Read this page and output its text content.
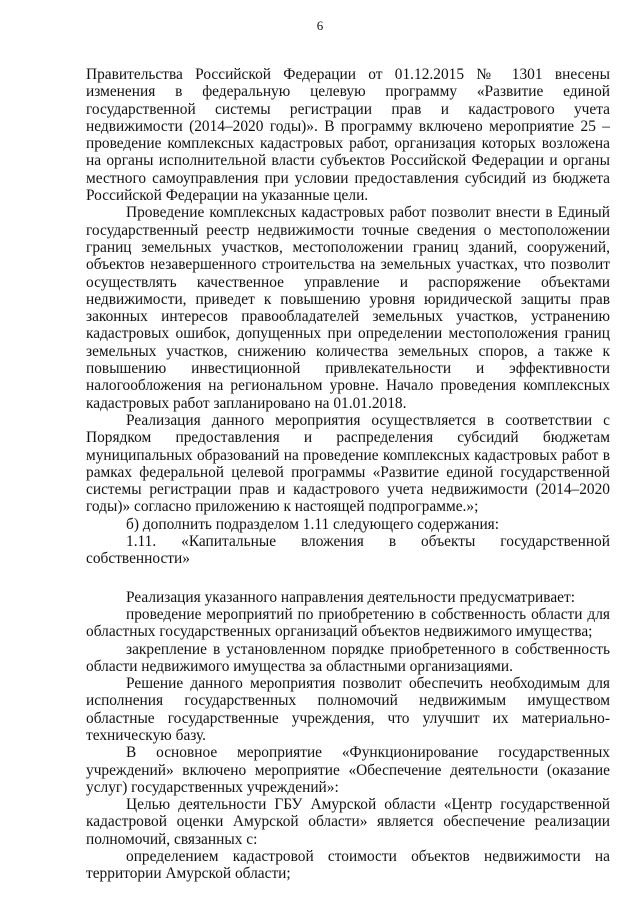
6

Правительства Российской Федерации от 01.12.2015 № 1301 внесены изменения в федеральную целевую программу «Развитие единой государственной системы регистрации прав и кадастрового учета недвижимости (2014–2020 годы)». В программу включено мероприятие 25 – проведение комплексных кадастровых работ, организация которых возложена на органы исполнительной власти субъектов Российской Федерации и органы местного самоуправления при условии предоставления субсидий из бюджета Российской Федерации на указанные цели.

Проведение комплексных кадастровых работ позволит внести в Единый государственный реестр недвижимости точные сведения о местоположении границ земельных участков, местоположении границ зданий, сооружений, объектов незавершенного строительства на земельных участках, что позволит осуществлять качественное управление и распоряжение объектами недвижимости, приведет к повышению уровня юридической защиты прав законных интересов правообладателей земельных участков, устранению кадастровых ошибок, допущенных при определении местоположения границ земельных участков, снижению количества земельных споров, а также к повышению инвестиционной привлекательности и эффективности налогообложения на региональном уровне. Начало проведения комплексных кадастровых работ запланировано на 01.01.2018.

Реализация данного мероприятия осуществляется в соответствии с Порядком предоставления и распределения субсидий бюджетам муниципальных образований на проведение комплексных кадастровых работ в рамках федеральной целевой программы «Развитие единой государственной системы регистрации прав и кадастрового учета недвижимости (2014–2020 годы)» согласно приложению к настоящей подпрограмме.»;

б) дополнить подразделом 1.11 следующего содержания:

1.11. «Капитальные вложения в объекты государственной собственности»

Реализация указанного направления деятельности предусматривает:

проведение мероприятий по приобретению в собственность области для областных государственных организаций объектов недвижимого имущества;

закрепление в установленном порядке приобретенного в собственность области недвижимого имущества за областными организациями.

Решение данного мероприятия позволит обеспечить необходимым для исполнения государственных полномочий недвижимым имуществом областные государственные учреждения, что улучшит их материально-техническую базу.

В основное мероприятие «Функционирование государственных учреждений» включено мероприятие «Обеспечение деятельности (оказание услуг) государственных учреждений»:

Целью деятельности ГБУ Амурской области «Центр государственной кадастровой оценки Амурской области» является обеспечение реализации полномочий, связанных с:

определением кадастровой стоимости объектов недвижимости на территории Амурской области;
